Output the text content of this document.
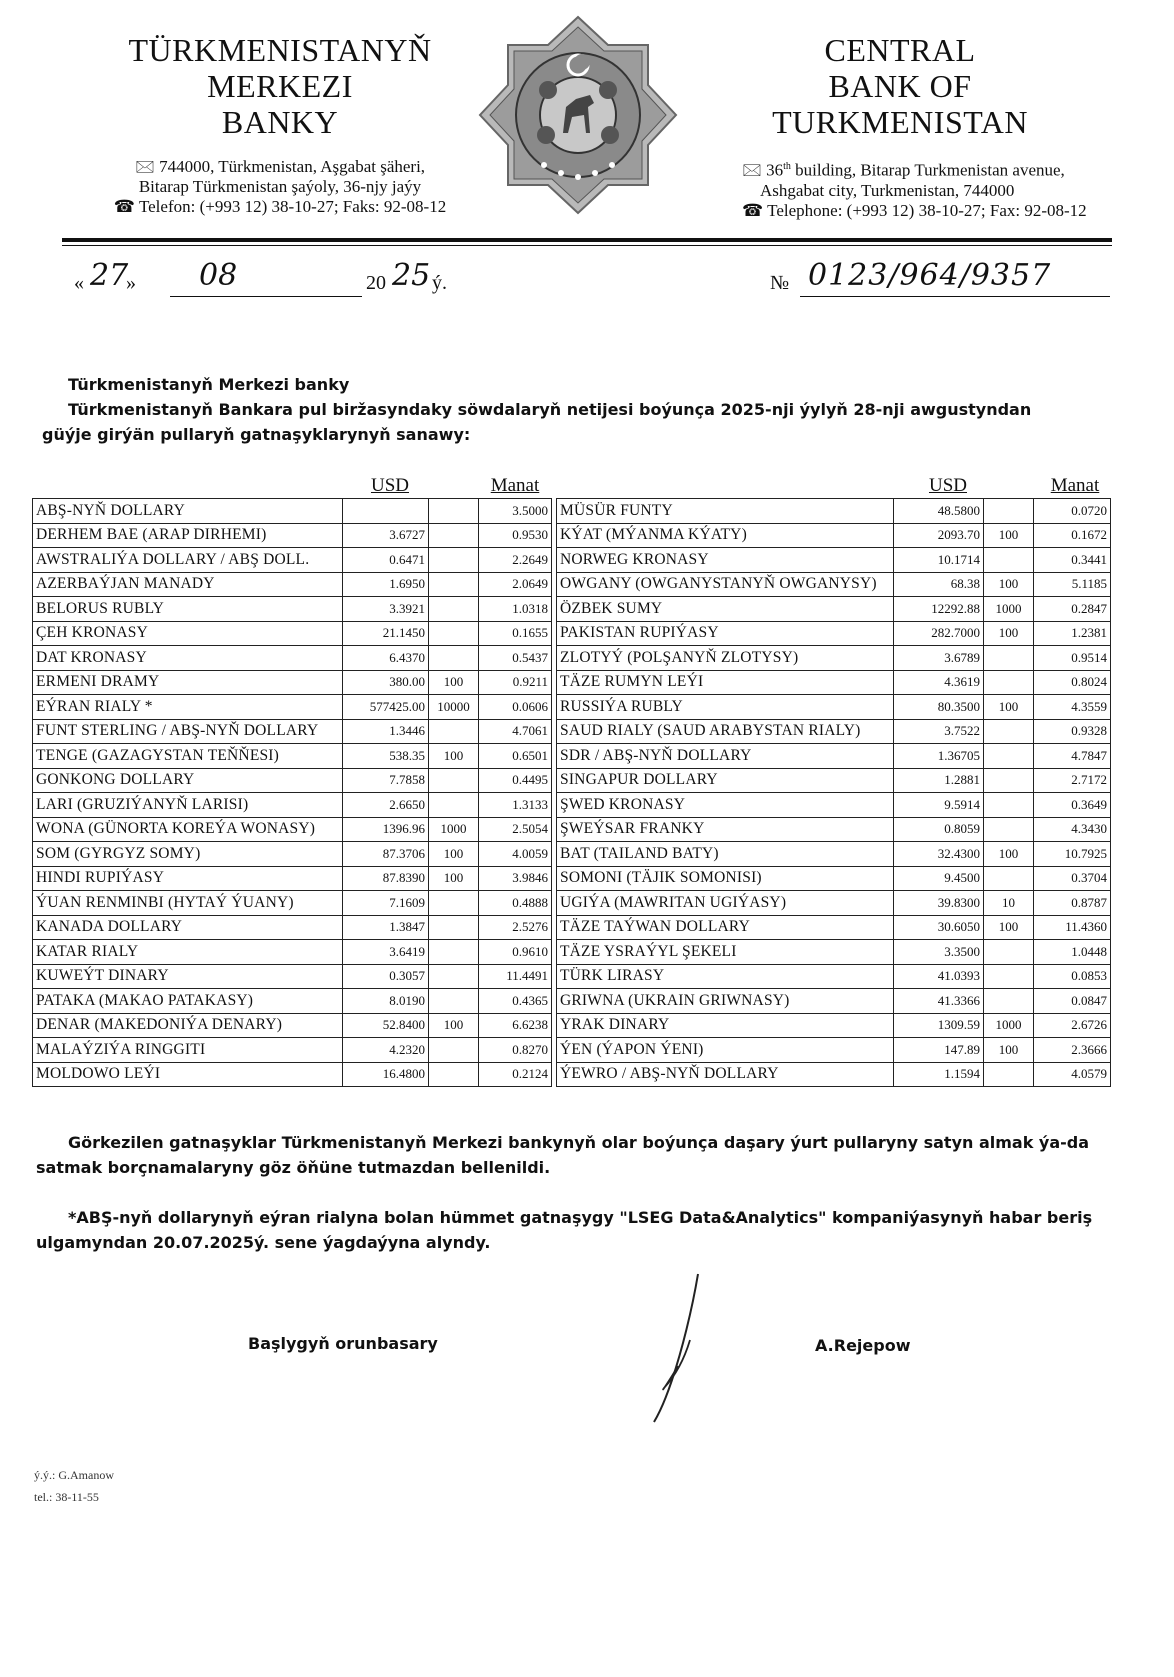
TÜRKMENISTANYŇ
MERKEZI
BANKY
🖂 744000, Türkmenistan, Aşgabat şäheri,
Bitarap Türkmenistan şaýoly, 36-njy jaýy
☎ Telefon: (+993 12) 38-10-27; Faks: 92-08-12
CENTRAL
BANK OF
TURKMENISTAN
🖂 36th building, Bitarap Turkmenistan avenue,
Ashgabat city, Turkmenistan, 744000
☎ Telephone: (+993 12) 38-10-27; Fax: 92-08-12
« 27
» 08	20 25 ý.	№ 0123/964/9357
Türkmenistanyň Merkezi banky
Türkmenistanyň Bankara pul biržasyndaky söwdalaryň netijesi boýunça 2025-nji ýylyň 28-nji awgustyndan
güýje girýän pullaryň gatnaşyklarynyň sanawy:
USD	Manat	USD	Manat
ABŞ-NYŇ DOLLARY			3.5000
DERHEM BAE (ARAP DIRHEMI)	3.6727		0.9530
AWSTRALIÝA DOLLARY / ABŞ DOLL.	0.6471		2.2649
AZERBAÝJAN MANADY	1.6950		2.0649
BELORUS RUBLY	3.3921		1.0318
ÇEH KRONASY	21.1450		0.1655
DAT KRONASY	6.4370		0.5437
ERMENI DRAMY	380.00	100	0.9211
EÝRAN RIALY *	577425.00	10000	0.0606
FUNT STERLING / ABŞ-NYŇ DOLLARY	1.3446		4.7061
TENGE (GAZAGYSTAN TEŇŇESI)	538.35	100	0.6501
GONKONG DOLLARY	7.7858		0.4495
LARI (GRUZIÝANYŇ LARISI)	2.6650		1.3133
WONA (GÜNORTA KOREÝA WONASY)	1396.96	1000	2.5054
SOM (GYRGYZ SOMY)	87.3706	100	4.0059
HINDI RUPIÝASY	87.8390	100	3.9846
ÝUAN RENMINBI (HYTAÝ ÝUANY)	7.1609		0.4888
KANADA DOLLARY	1.3847		2.5276
KATAR RIALY	3.6419		0.9610
KUWEÝT DINARY	0.3057		11.4491
PATAKA (MAKAO PATAKASY)	8.0190		0.4365
DENAR (MAKEDONIÝA DENARY)	52.8400	100	6.6238
MALAÝZIÝA RINGGITI	4.2320		0.8270
MOLDOWO LEÝI	16.4800		0.2124
MÜSÜR FUNTY	48.5800		0.0720
KÝAT (MÝANMA KÝATY)	2093.70	100	0.1672
NORWEG KRONASY	10.1714		0.3441
OWGANY (OWGANYSTANYŇ OWGANYSY)	68.38	100	5.1185
ÖZBEK SUMY	12292.88	1000	0.2847
PAKISTAN RUPIÝASY	282.7000	100	1.2381
ZLOTYÝ (POLŞANYŇ ZLOTYSY)	3.6789		0.9514
TÄZE RUMYN LEÝI	4.3619		0.8024
RUSSIÝA RUBLY	80.3500	100	4.3559
SAUD RIALY (SAUD ARABYSTAN RIALY)	3.7522		0.9328
SDR / ABŞ-NYŇ DOLLARY	1.36705		4.7847
SINGAPUR DOLLARY	1.2881		2.7172
ŞWED KRONASY	9.5914		0.3649
ŞWEÝSAR FRANKY	0.8059		4.3430
BAT (TAILAND BATY)	32.4300	100	10.7925
SOMONI (TÄJIK SOMONISI)	9.4500		0.3704
UGIÝA (MAWRITAN UGIÝASY)	39.8300	10	0.8787
TÄZE TAÝWAN DOLLARY	30.6050	100	11.4360
TÄZE YSRAÝYL ŞEKELI	3.3500		1.0448
TÜRK LIRASY	41.0393		0.0853
GRIWNA (UKRAIN GRIWNASY)	41.3366		0.0847
YRAK DINARY	1309.59	1000	2.6726
ÝEN (ÝAPON ÝENI)	147.89	100	2.3666
ÝEWRO / ABŞ-NYŇ DOLLARY	1.1594		4.0579
Görkezilen gatnaşyklar Türkmenistanyň Merkezi bankynyň olar boýunça daşary ýurt pullaryny satyn almak ýa-da
satmak borçnamalaryny göz öňüne tutmazdan bellenildi.
*ABŞ-nyň dollarynyň eýran rialyna bolan hümmet gatnaşygy "LSEG Data&Analytics" kompaniýasynyň habar beriş
ulgamyndan 20.07.2025ý. sene ýagdaýyna alyndy.
Başlygyň orunbasary	A.Rejepow
ý.ý.: G.Amanow
tel.: 38-11-55
